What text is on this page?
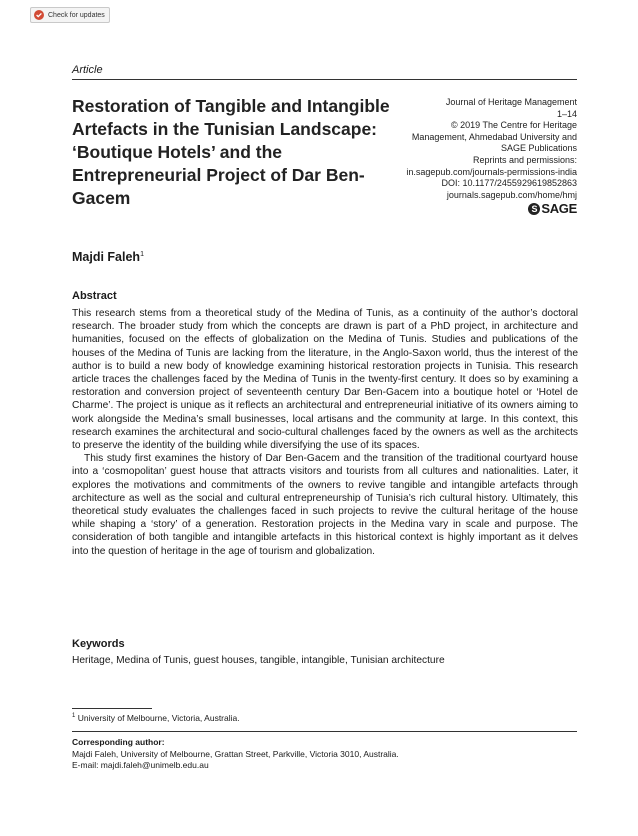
Check for updates
Article
Restoration of Tangible and Intangible Artefacts in the Tunisian Landscape: ‘Boutique Hotels’ and the Entrepreneurial Project of Dar Ben-Gacem
Journal of Heritage Management
1–14
© 2019 The Centre for Heritage
Management, Ahmedabad University and
SAGE Publications
Reprints and permissions:
in.sagepub.com/journals-permissions-india
DOI: 10.1177/2455929619852863
journals.sagepub.com/home/hmj
S SAGE
Majdi Faleh$^1$
Abstract

This research stems from a theoretical study of the Medina of Tunis, as a continuity of the author’s doctoral research. The broader study from which the concepts are drawn is part of a PhD project, in architecture and humanities, focused on the effects of globalization on the Medina of Tunis. Studies and publications of the houses of the Medina of Tunis are lacking from the literature, in the Anglo-Saxon world, thus the interest of the author is to build a new body of knowledge examining historical restoration projects in Tunisia. This research article traces the challenges faced by the Medina of Tunis in the twenty-first century. It does so by examining a restoration and conversion project of seventeenth century Dar Ben-Gacem into a boutique hotel or ‘Hotel de Charme’. The project is unique as it reflects an architectural and entrepreneurial initiative of its owners aiming to work alongside the Medina’s small businesses, local artisans and the community at large. In this context, this research examines the architectural and socio-cultural challenges faced by the owners as well as the architects to preserve the identity of the building while diversifying the use of its spaces.

This study first examines the history of Dar Ben-Gacem and the transition of the traditional courtyard house into a ‘cosmopolitan’ guest house that attracts visitors and tourists from all cultures and nationalities. Later, it explores the motivations and commitments of the owners to revive tangible and intangible artefacts through architecture as well as the social and cultural entrepreneurship of Tunisia’s rich cultural history. Ultimately, this theoretical study evaluates the challenges faced in such projects to revive the cultural heritage of the house while shaping a ‘story’ of a generation. Restoration projects in the Medina vary in scale and purpose. The consideration of both tangible and intangible artefacts in this historical context is highly important as it delves into the question of heritage in the age of tourism and globalization.

Keywords
Heritage, Medina of Tunis, guest houses, tangible, intangible, Tunisian architecture
$^1$ University of Melbourne, Victoria, Australia.
Corresponding author:
Majdi Faleh, University of Melbourne, Grattan Street, Parkville, Victoria 3010, Australia.
E-mail: majdi.faleh@unimelb.edu.au
